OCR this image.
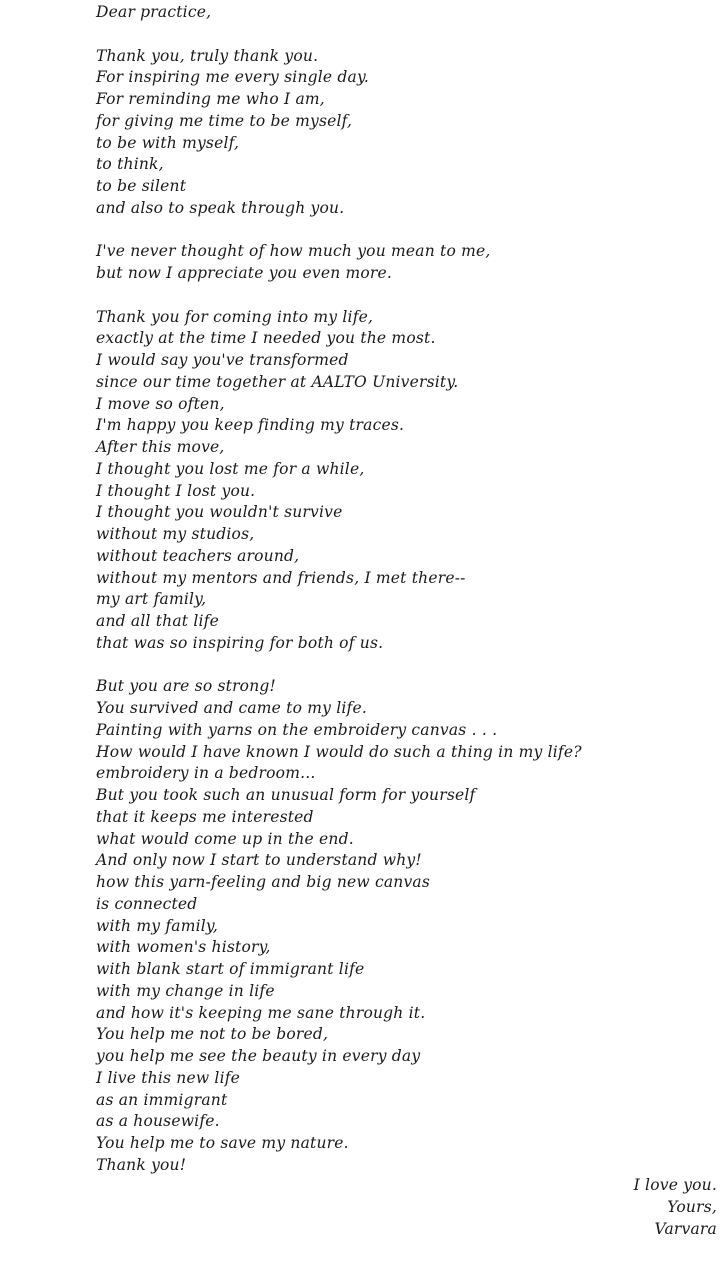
Dear practice,
Thank you, truly thank you.
For inspiring me every single day.
For reminding me who I am,
for giving me time to be myself,
to be with myself,
to think,
to be silent
and also to speak through you.
I've never thought of how much you mean to me,
but now I appreciate you even more.
Thank you for coming into my life,
exactly at the time I needed you the most.
I would say you've transformed
since our time together at AALTO University.
I move so often,
I'm happy you keep finding my traces.
After this move,
I thought you lost me for a while,
I thought I lost you.
I thought you wouldn't survive
without my studios,
without teachers around,
without my mentors and friends, I met there--
my art family,
and all that life
that was so inspiring for both of us.
But you are so strong!
You survived and came to my life.
Painting with yarns on the embroidery canvas . . .
How would I have known I would do such a thing in my life?
embroidery in a bedroom...
But you took such an unusual form for yourself
that it keeps me interested
what would come up in the end.
And only now I start to understand why!
how this yarn-feeling and big new canvas
is connected
with my family,
with women's history,
with blank start of immigrant life
with my change in life
and how it's keeping me sane through it.
You help me not to be bored,
you help me see the beauty in every day
I live this new life
as an immigrant
as a housewife.
You help me to save my nature.
Thank you!
I love you.
Yours,
Varvara
